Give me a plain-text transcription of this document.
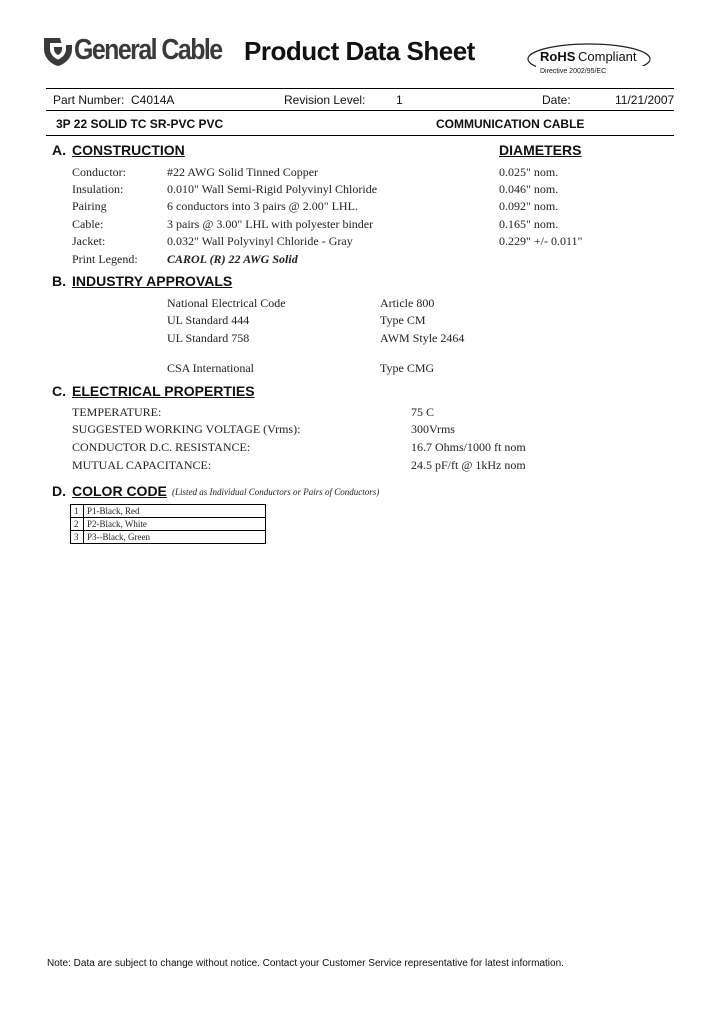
General Cable Product Data Sheet	RoHS Compliant
Directive 2002/95/EC
Part Number: C4014A	Revision Level:	1	Date:	11/21/2007
3P 22 SOLID TC SR-PVC PVC	COMMUNICATION CABLE
A. CONSTRUCTION	DIAMETERS
Conductor:	#22 AWG Solid Tinned Copper	0.025" nom.
Insulation:	0.010" Wall Semi-Rigid Polyvinyl Chloride	0.046" nom.
Pairing	6 conductors into 3 pairs @ 2.00" LHL.	0.092" nom.
Cable:	3 pairs @ 3.00" LHL with polyester binder	0.165" nom.
Jacket:	0.032" Wall Polyvinyl Chloride - Gray	0.229" +/- 0.011"
Print Legend: CAROL (R) 22 AWG Solid
B. INDUSTRY APPROVALS
National Electrical Code	Article 800
UL Standard 444	Type CM
UL Standard 758	AWM Style 2464
CSA International	Type CMG
C. ELECTRICAL PROPERTIES
TEMPERATURE:	75 C
SUGGESTED WORKING VOLTAGE (Vrms):	300Vrms
CONDUCTOR D.C. RESISTANCE:	16.7 Ohms/1000 ft nom
MUTUAL CAPACITANCE:	24.5 pF/ft @ 1kHz nom
D. COLOR CODE (Listed as Individual Conductors or Pairs of Conductors)
1	P1-Black, Red
2	P2-Black, White
3	P3--Black, Green
Note: Data are subject to change without notice. Contact your Customer Service representative for latest information.
